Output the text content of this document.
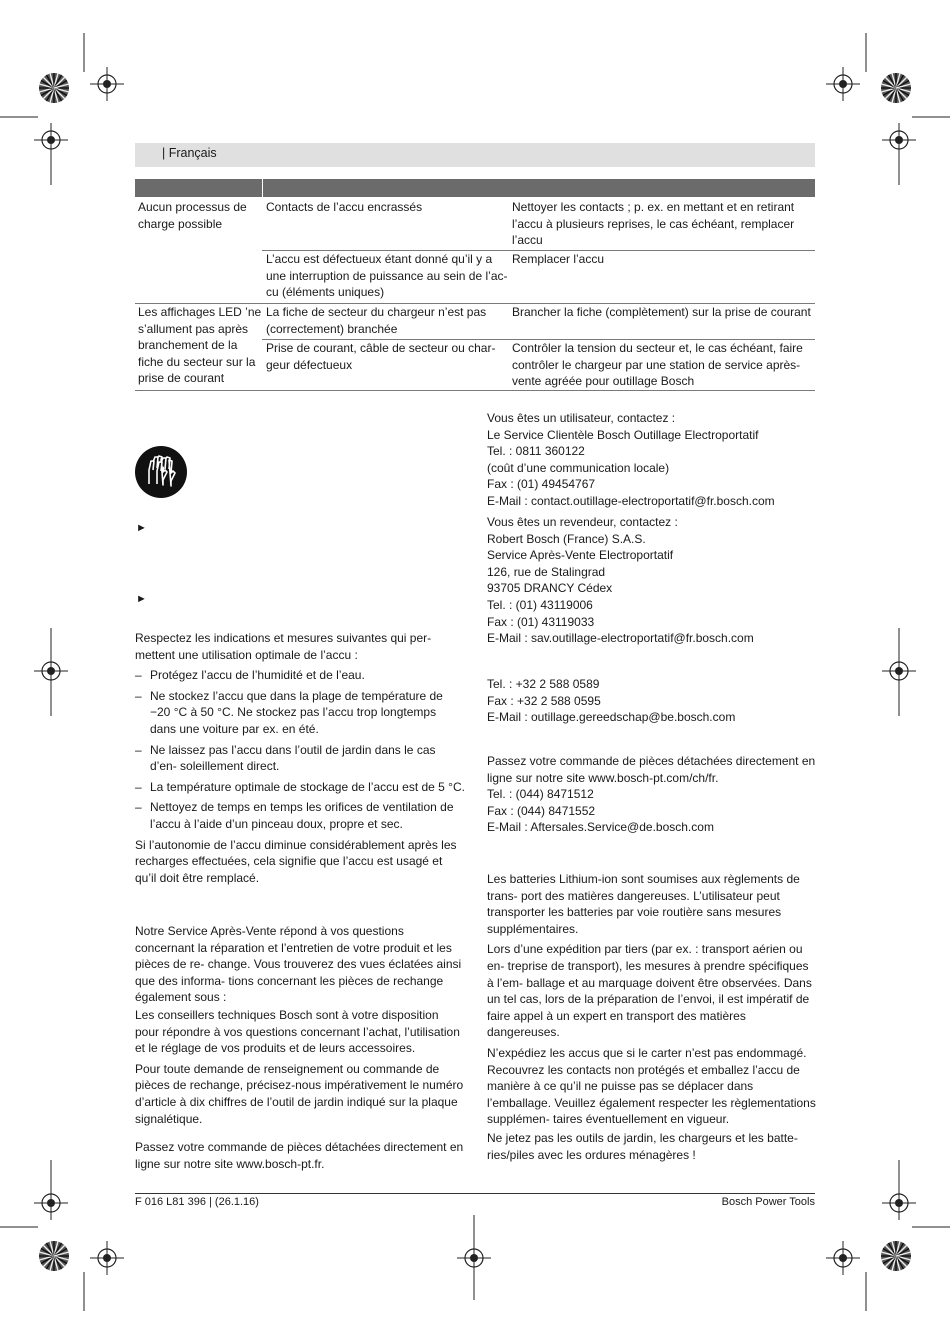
| Français
Aucun processus de charge possible
Contacts de l’accu encrassés	Nettoyer les contacts ; p. ex. en mettant et en retirant l’accu à plusieurs reprises, le cas échéant, remplacer l’accu
L’accu est défectueux étant donné qu’il y a une interruption de puissance au sein de l’ac- cu (éléments uniques)
Remplacer l’accu
Les affichages LED ’ne s’allument pas après branchement de la fiche du secteur sur la prise de courant
La fiche de secteur du chargeur n’est pas (correctement) branchée
Brancher la fiche (complètement) sur la prise de courant
Prise de courant, câble de secteur ou char- geur défectueux
Contrôler la tension du secteur et, le cas échéant, faire contrôler le chargeur par une station de service après- vente agréée pour outillage Bosch
►
►

Respectez les indications et mesures suivantes qui per- mettent une utilisation optimale de l’accu :

– Protégez l’accu de l’humidité et de l’eau.
– Ne stockez l’accu que dans la plage de température de −20 °C à 50 °C. Ne stockez pas l’accu trop longtemps dans une voiture par ex. en été.
– Ne laissez pas l’accu dans l’outil de jardin dans le cas d’en- soleillement direct.
– La température optimale de stockage de l’accu est de 5 °C.
– Nettoyez de temps en temps les orifices de ventilation de l’accu à l’aide d’un pinceau doux, propre et sec.

Si l’autonomie de l’accu diminue considérablement après les recharges effectuées, cela signifie que l’accu est usagé et qu’il doit être remplacé.

Notre Service Après-Vente répond à vos questions concernant la réparation et l’entretien de votre produit et les pièces de re- change. Vous trouverez des vues éclatées ainsi que des informa- tions concernant les pièces de rechange également sous :

Les conseillers techniques Bosch sont à votre disposition pour répondre à vos questions concernant l’achat, l’utilisation et le réglage de vos produits et de leurs accessoires.

Pour toute demande de renseignement ou commande de pièces de rechange, précisez-nous impérativement le numéro d’article à dix chiffres de l’outil de jardin indiqué sur la plaque signalétique.

Passez votre commande de pièces détachées directement en ligne sur notre site www.bosch-pt.fr.

Vous êtes un utilisateur, contactez :
Le Service Clientèle Bosch Outillage Electroportatif
Tel. : 0811 360122
(coût d’une communication locale)
Fax : (01) 49454767
E-Mail : contact.outillage-electroportatif@fr.bosch.com
Vous êtes un revendeur, contactez :
Robert Bosch (France) S.A.S.
Service Après-Vente Electroportatif
126, rue de Stalingrad
93705 DRANCY Cédex
Tel. : (01) 43119006
Fax : (01) 43119033
E-Mail : sav.outillage-electroportatif@fr.bosch.com
Tel. : +32 2 588 0589
Fax : +32 2 588 0595
E-Mail : outillage.gereedschap@be.bosch.com
Passez votre commande de pièces détachées directement en
ligne sur notre site www.bosch-pt.com/ch/fr.
Tel. : (044) 8471512
Fax : (044) 8471552
E-Mail : Aftersales.Service@de.bosch.com

Les batteries Lithium-ion sont soumises aux règlements de trans- port des matières dangereuses. L’utilisateur peut transporter les batteries par voie routière sans mesures supplémentaires.

Lors d’une expédition par tiers (par ex. : transport aérien ou en- treprise de transport), les mesures à prendre spécifiques à l’em- ballage et au marquage doivent être observées. Dans un tel cas, lors de la préparation de l’envoi, il est impératif de faire appel à un expert en transport des matières dangereuses.

N’expédiez les accus que si le carter n’est pas endommagé. Recouvrez les contacts non protégés et emballez l’accu de manière à ce qu’il ne puisse pas se déplacer dans l’emballage. Veuillez également respecter les règlementations supplémen- taires éventuellement en vigueur.

Ne jetez pas les outils de jardin, les chargeurs et les batte- ries/piles avec les ordures ménagères !

F 016 L81 396 | (26.1.16)	Bosch Power Tools
